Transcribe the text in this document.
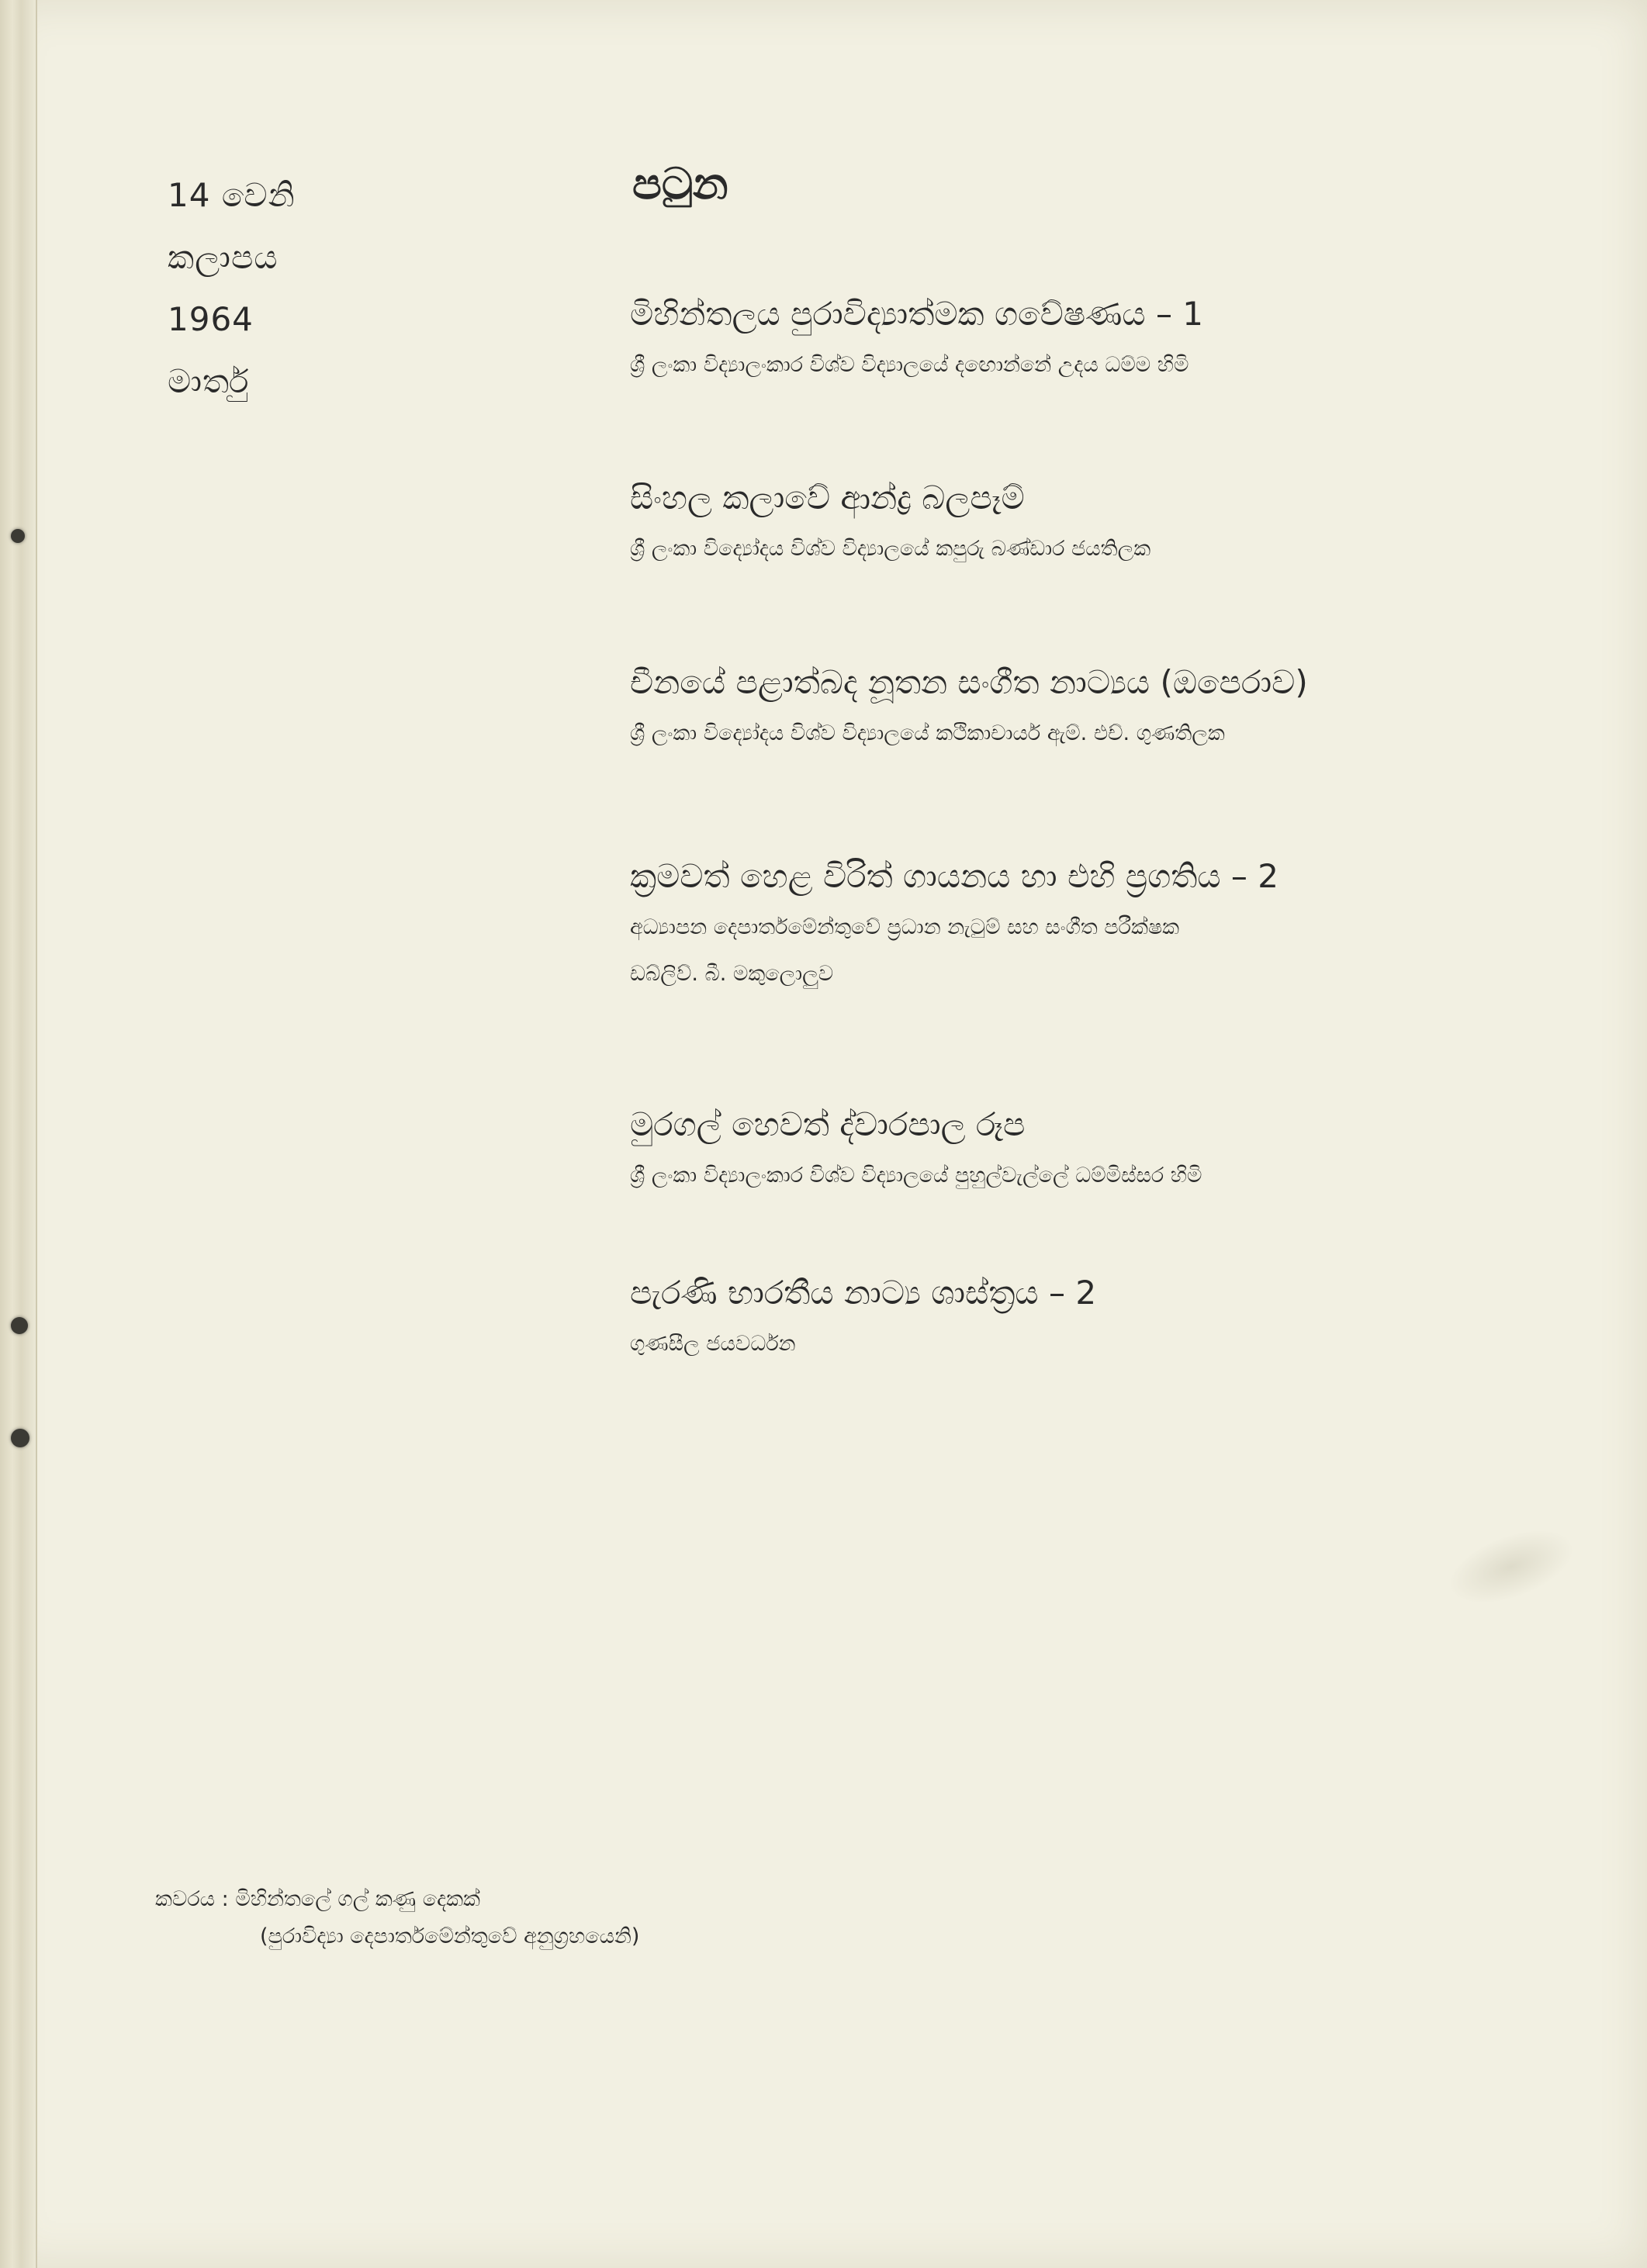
14 වෙනි
කලාපය
1964
මාර්තු
පටුන
මිහින්තලය පුරාවිද්‍යාත්මක ගවේෂණය – 1
ශ්‍රී ලංකා විද්‍යාලංකාර විශ්ව විද්‍යාලයේ දඟොන්නේ උදය ධම්ම හිමි
සිංහල කලාවේ ආන්ද්‍ර බලපෑම්
ශ්‍රී ලංකා විද්‍යෝදය විශ්ව විද්‍යාලයේ කපුරු බණ්ඩාර ජයතිලක
චීනයේ පළාත්බද නූතන සංගීත නාට්‍යය (ඔපෙරාව)
ශ්‍රී ලංකා විද්‍යෝදය විශ්ව විද්‍යාලයේ කථිකාචාර්ය ඇම්. එච්. ගුණතිලක
ක්‍රමවත් හෙළ විරිත් ගායනය හා එහි ප්‍රගතිය – 2
අධ්‍යාපන දෙපාර්තමේන්තුවේ ප්‍රධාන නැටුම් සහ සංගීත පරීක්ෂක
ඩබ්ලිව්. බී. මකුලොලුව
මුරගල් හෙවත් ද්වාරපාල රූප
ශ්‍රී ලංකා විද්‍යාලංකාර විශ්ව විද්‍යාලයේ පුහුල්වැල්ලේ ධම්මිස්සර හිමි
පැරණි භාරතීය නාට්‍ය ශාස්ත්‍රය – 2
ගුණසීල ජයවර්ධන
කවරය : මිහින්තලේ ගල් කණු දෙකක්
(පුරාවිද්‍යා දෙපාර්තමේන්තුවේ අනුග්‍රහයෙනි)
